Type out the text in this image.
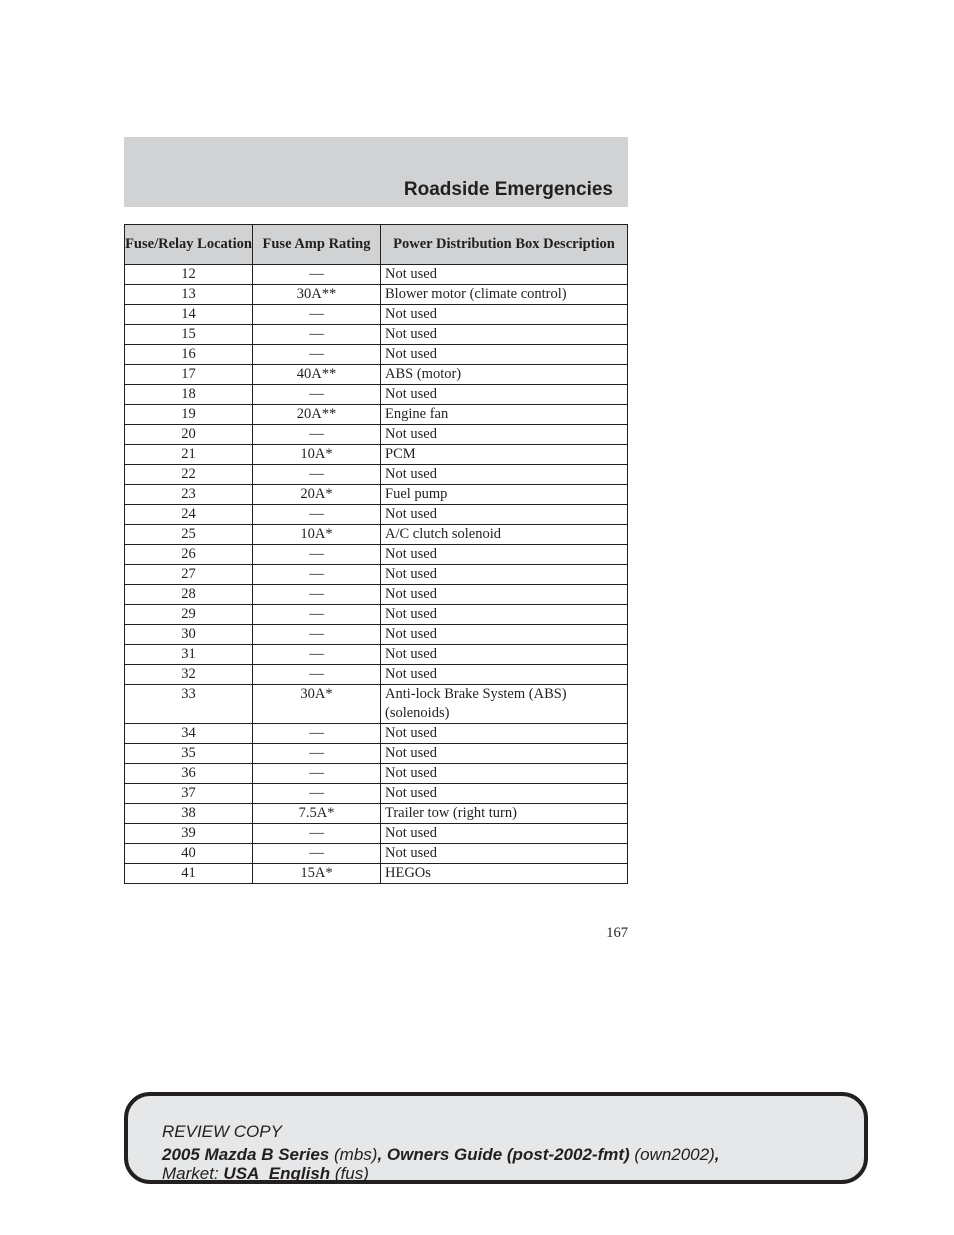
Roadside Emergencies
Fuse/Relay Location	Fuse Amp Rating	Power Distribution Box Description
12	—	Not used
13	30A**	Blower motor (climate control)
14	—	Not used
15	—	Not used
16	—	Not used
17	40A**	ABS (motor)
18	—	Not used
19	20A**	Engine fan
20	—	Not used
21	10A*	PCM
22	—	Not used
23	20A*	Fuel pump
24	—	Not used
25	10A*	A/C clutch solenoid
26	—	Not used
27	—	Not used
28	—	Not used
29	—	Not used
30	—	Not used
31	—	Not used
32	—	Not used
33	30A*	Anti-lock Brake System (ABS) (solenoids)
34	—	Not used
35	—	Not used
36	—	Not used
37	—	Not used
38	7.5A*	Trailer tow (right turn)
39	—	Not used
40	—	Not used
41	15A*	HEGOs
167
REVIEW COPY
2005 Mazda B Series (mbs), Owners Guide (post-2002-fmt) (own2002),
Market: USA_English (fus)
